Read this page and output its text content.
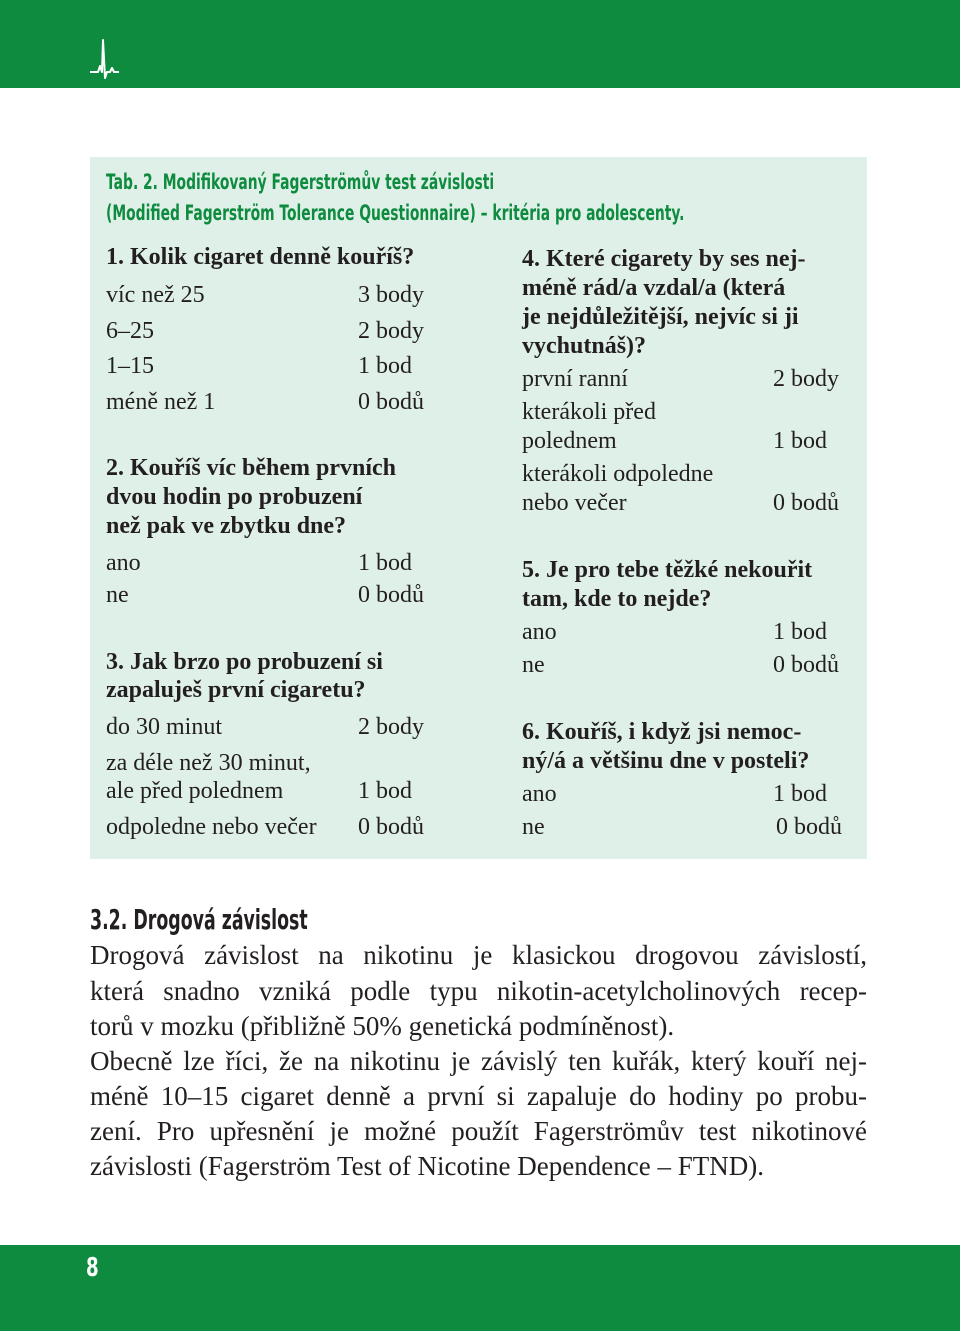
Tab. 2. Modifikovaný Fagerströmův test závislosti
(Modified Fagerström Tolerance Questionnaire) – kritéria pro adolescenty.
1. Kolik cigaret denně kouříš?
víc než 25	3 body
6–25	2 body
1–15	1 bod
méně než 1	0 bodů
2. Kouříš víc během prvních
dvou hodin po probuzení
než pak ve zbytku dne?
ano	1 bod
ne	0 bodů
3. Jak brzo po probuzení si
zapaluješ první cigaretu?
do 30 minut	2 body
za déle než 30 minut,
ale před polednem	1 bod
odpoledne nebo večer 0 bodů
4. Které cigarety by ses nej-
méně rád/a vzdal/a (která
je nejdůležitější, nejvíc si ji
vychutnáš)?
první ranní	2 body
kterákoli před
polednem	1 bod
kterákoli odpoledne
nebo večer	0 bodů
5. Je pro tebe těžké nekouřit
tam, kde to nejde?
ano	1 bod
ne	0 bodů
6. Kouříš, i když jsi nemoc-
ný/á a většinu dne v posteli?
ano	1 bod
ne	0 bodů
3.2. Drogová závislost
Drogová závislost na nikotinu je klasickou drogovou závislostí,
která snadno vzniká podle typu nikotin-acetylcholinových recep-
torů v mozku (přibližně 50% genetická podmíněnost).
Obecně lze říci, že na nikotinu je závislý ten kuřák, který kouří nej-
méně 10–15 cigaret denně a první si zapaluje do hodiny po probu-
zení. Pro upřesnění je možné použít Fagerströmův test nikotinové
závislosti (Fagerström Test of Nicotine Dependence – FTND).
8
